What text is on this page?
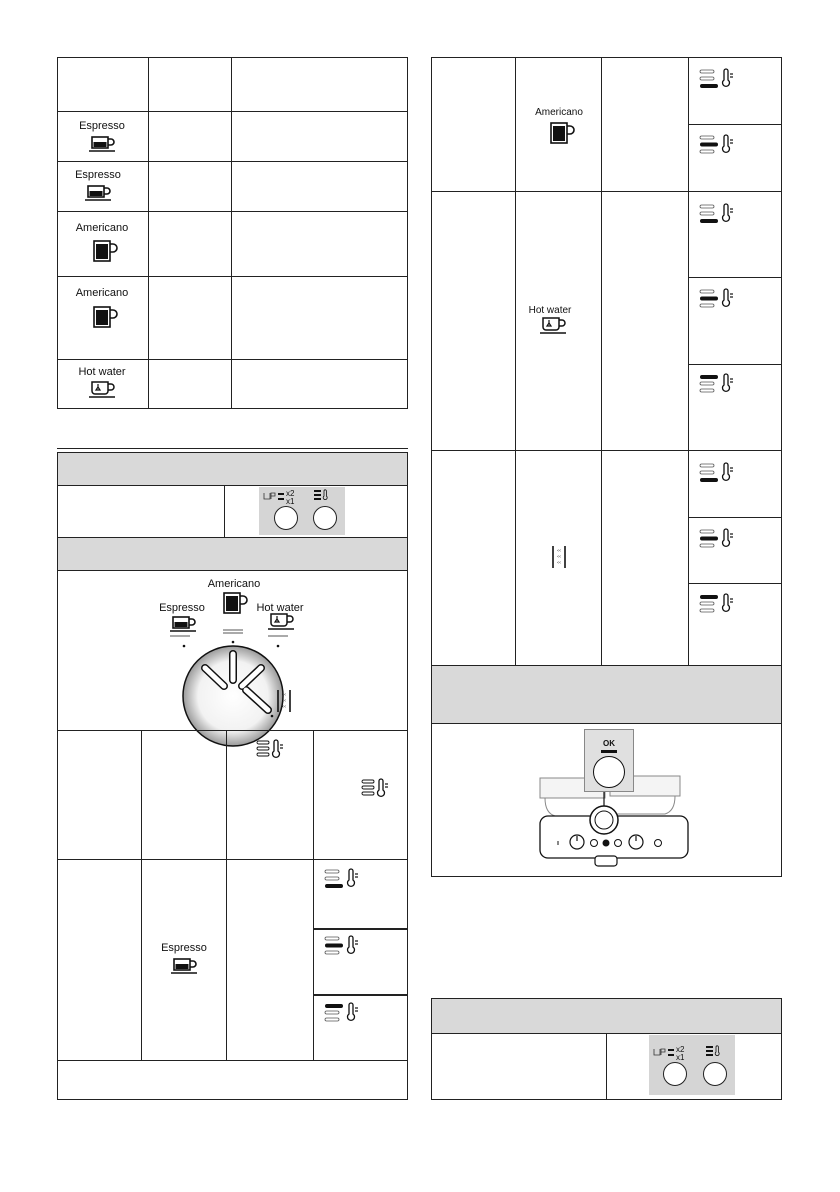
‹‹
‹‹
‹‹
Espresso
Espresso
Americano
Americano
Hot water
x2
x1
Americano
Espresso	Hot water
Espresso
Americano
Hot water
OK
x2
x1
